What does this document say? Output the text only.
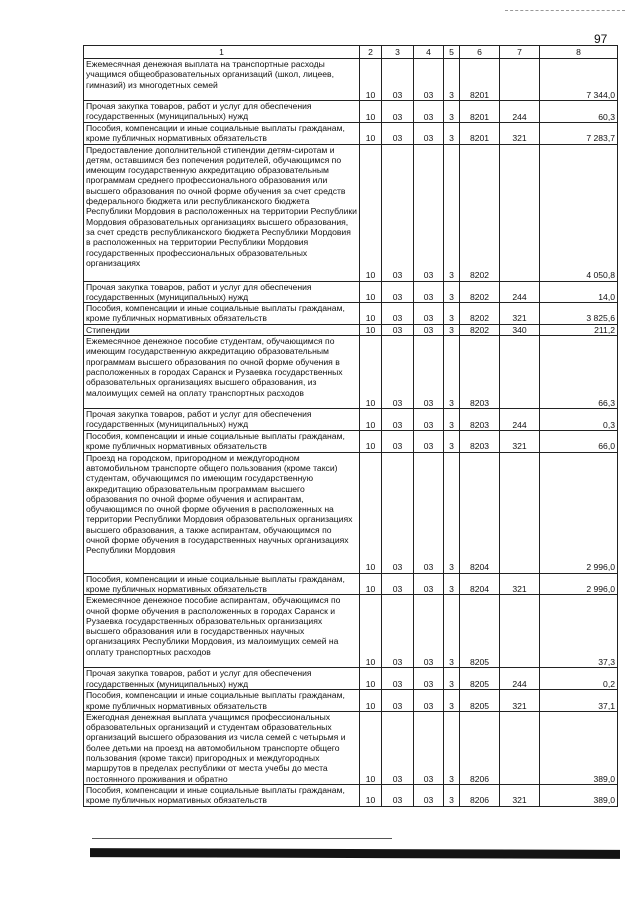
97
1	2	3	4	5	6	7	8
Ежемесячная денежная выплата на транспортные расходы учащимся общеобразовательных организаций (школ, лицеев, гимназий) из многодетных семей	10	03	03	3	8201		7 344,0
Прочая закупка товаров, работ и услуг для обеспечения государственных (муниципальных) нужд	10	03	03	3	8201	244	60,3
Пособия, компенсации и иные социальные выплаты гражданам, кроме публичных нормативных обязательств	10	03	03	3	8201	321	7 283,7
Предоставление дополнительной стипендии детям-сиротам и детям, оставшимся без попечения родителей, обучающимся по имеющим государственную аккредитацию образовательным программам среднего профессионального образования или высшего образования по очной форме обучения за счет средств федерального бюджета или республиканского бюджета Республики Мордовия в расположенных на территории Республики Мордовия образовательных организациях высшего образования, за счет средств республиканского бюджета Республики Мордовия в расположенных на территории Республики Мордовия государственных профессиональных образовательных организациях	10	03	03	3	8202		4 050,8
Прочая закупка товаров, работ и услуг для обеспечения государственных (муниципальных) нужд	10	03	03	3	8202	244	14,0
Пособия, компенсации и иные социальные выплаты гражданам, кроме публичных нормативных обязательств	10	03	03	3	8202	321	3 825,6
Стипендии	10	03	03	3	8202	340	211,2
Ежемесячное денежное пособие студентам, обучающимся по имеющим государственную аккредитацию образовательным программам высшего образования по очной форме обучения в расположенных в городах Саранск и Рузаевка государственных образовательных организациях высшего образования, из малоимущих семей на оплату транспортных расходов	10	03	03	3	8203		66,3
Прочая закупка товаров, работ и услуг для обеспечения государственных (муниципальных) нужд	10	03	03	3	8203	244	0,3
Пособия, компенсации и иные социальные выплаты гражданам, кроме публичных нормативных обязательств	10	03	03	3	8203	321	66,0
Проезд на городском, пригородном и междугородном автомобильном транспорте общего пользования (кроме такси) студентам, обучающимся по имеющим государственную аккредитацию образовательным программам высшего образования по очной форме обучения и аспирантам, обучающимся по очной форме обучения в расположенных на территории Республики Мордовия образовательных организациях высшего образования, а также аспирантам, обучающимся по очной форме обучения в государственных научных организациях Республики Мордовия	10	03	03	3	8204		2 996,0
Пособия, компенсации и иные социальные выплаты гражданам, кроме публичных нормативных обязательств	10	03	03	3	8204	321	2 996,0
Ежемесячное денежное пособие аспирантам, обучающимся по очной форме обучения в расположенных в городах Саранск и Рузаевка государственных образовательных организациях высшего образования или в государственных научных организациях Республики Мордовия, из малоимущих семей на оплату транспортных расходов	10	03	03	3	8205		37,3
Прочая закупка товаров, работ и услуг для обеспечения государственных (муниципальных) нужд	10	03	03	3	8205	244	0,2
Пособия, компенсации и иные социальные выплаты гражданам, кроме публичных нормативных обязательств	10	03	03	3	8205	321	37,1
Ежегодная денежная выплата учащимся профессиональных образовательных организаций и студентам образовательных организаций высшего образования из числа семей с четырьмя и более детьми на проезд на автомобильном транспорте общего пользования (кроме такси) пригородных и междугородных маршрутов в пределах республики от места учебы до места постоянного проживания и обратно	10	03	03	3	8206		389,0
Пособия, компенсации и иные социальные выплаты гражданам, кроме публичных нормативных обязательств	10	03	03	3	8206	321	389,0
